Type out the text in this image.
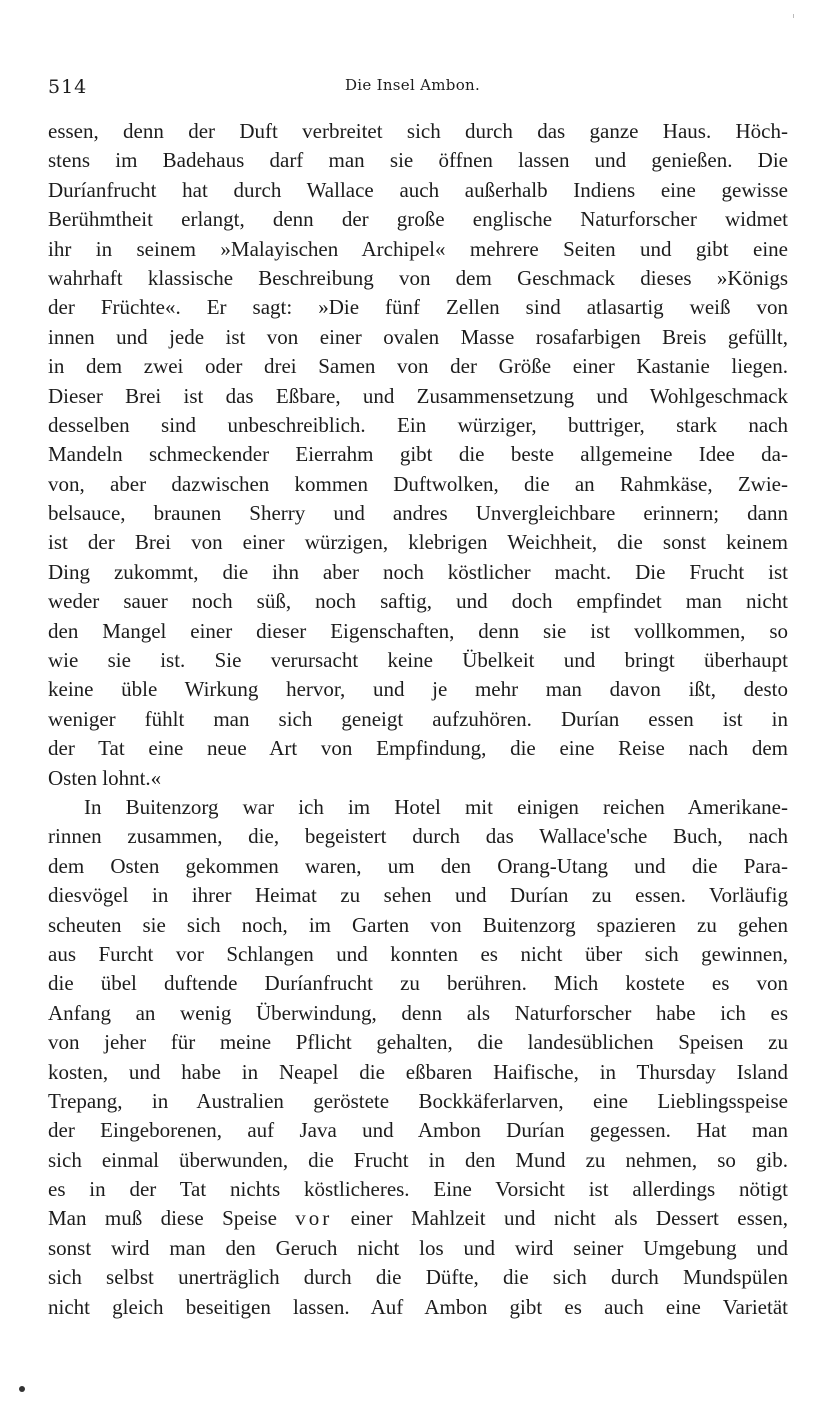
514	Die Insel Ambon.
essen, denn der Duft verbreitet sich durch das ganze Haus. Höch-
stens im Badehaus darf man sie öffnen lassen und genießen. Die
Duríanfrucht hat durch Wallace auch außerhalb Indiens eine gewisse
Berühmtheit erlangt, denn der große englische Naturforscher widmet
ihr in seinem »Malayischen Archipel« mehrere Seiten und gibt eine
wahrhaft klassische Beschreibung von dem Geschmack dieses »Königs
der Früchte«. Er sagt: »Die fünf Zellen sind atlasartig weiß von
innen und jede ist von einer ovalen Masse rosafarbigen Breis gefüllt,
in dem zwei oder drei Samen von der Größe einer Kastanie liegen.
Dieser Brei ist das Eßbare, und Zusammensetzung und Wohlgeschmack
desselben sind unbeschreiblich. Ein würziger, buttriger, stark nach
Mandeln schmeckender Eierrahm gibt die beste allgemeine Idee da-
von, aber dazwischen kommen Duftwolken, die an Rahmkäse, Zwie-
belsauce, braunen Sherry und andres Unvergleichbare erinnern; dann
ist der Brei von einer würzigen, klebrigen Weichheit, die sonst keinem
Ding zukommt, die ihn aber noch köstlicher macht. Die Frucht ist
weder sauer noch süß, noch saftig, und doch empfindet man nicht
den Mangel einer dieser Eigenschaften, denn sie ist vollkommen, so
wie sie ist. Sie verursacht keine Übelkeit und bringt überhaupt
keine üble Wirkung hervor, und je mehr man davon ißt, desto
weniger fühlt man sich geneigt aufzuhören. Durían essen ist in
der Tat eine neue Art von Empfindung, die eine Reise nach dem
Osten lohnt.«
In Buitenzorg war ich im Hotel mit einigen reichen Amerikane-
rinnen zusammen, die, begeistert durch das Wallace'sche Buch, nach
dem Osten gekommen waren, um den Orang-Utang und die Para-
diesvögel in ihrer Heimat zu sehen und Durían zu essen. Vorläufig
scheuten sie sich noch, im Garten von Buitenzorg spazieren zu gehen
aus Furcht vor Schlangen und konnten es nicht über sich gewinnen,
die übel duftende Duríanfrucht zu berühren. Mich kostete es von
Anfang an wenig Überwindung, denn als Naturforscher habe ich es
von jeher für meine Pflicht gehalten, die landesüblichen Speisen zu
kosten, und habe in Neapel die eßbaren Haifische, in Thursday Island
Trepang, in Australien geröstete Bockkäferlarven, eine Lieblingsspeise
der Eingeborenen, auf Java und Ambon Durían gegessen. Hat man
sich einmal überwunden, die Frucht in den Mund zu nehmen, so gib.
es in der Tat nichts köstlicheres. Eine Vorsicht ist allerdings nötigt
Man muß diese Speise vor einer Mahlzeit und nicht als Dessert essen,
sonst wird man den Geruch nicht los und wird seiner Umgebung und
sich selbst unerträglich durch die Düfte, die sich durch Mundspülen
nicht gleich beseitigen lassen. Auf Ambon gibt es auch eine Varietät
